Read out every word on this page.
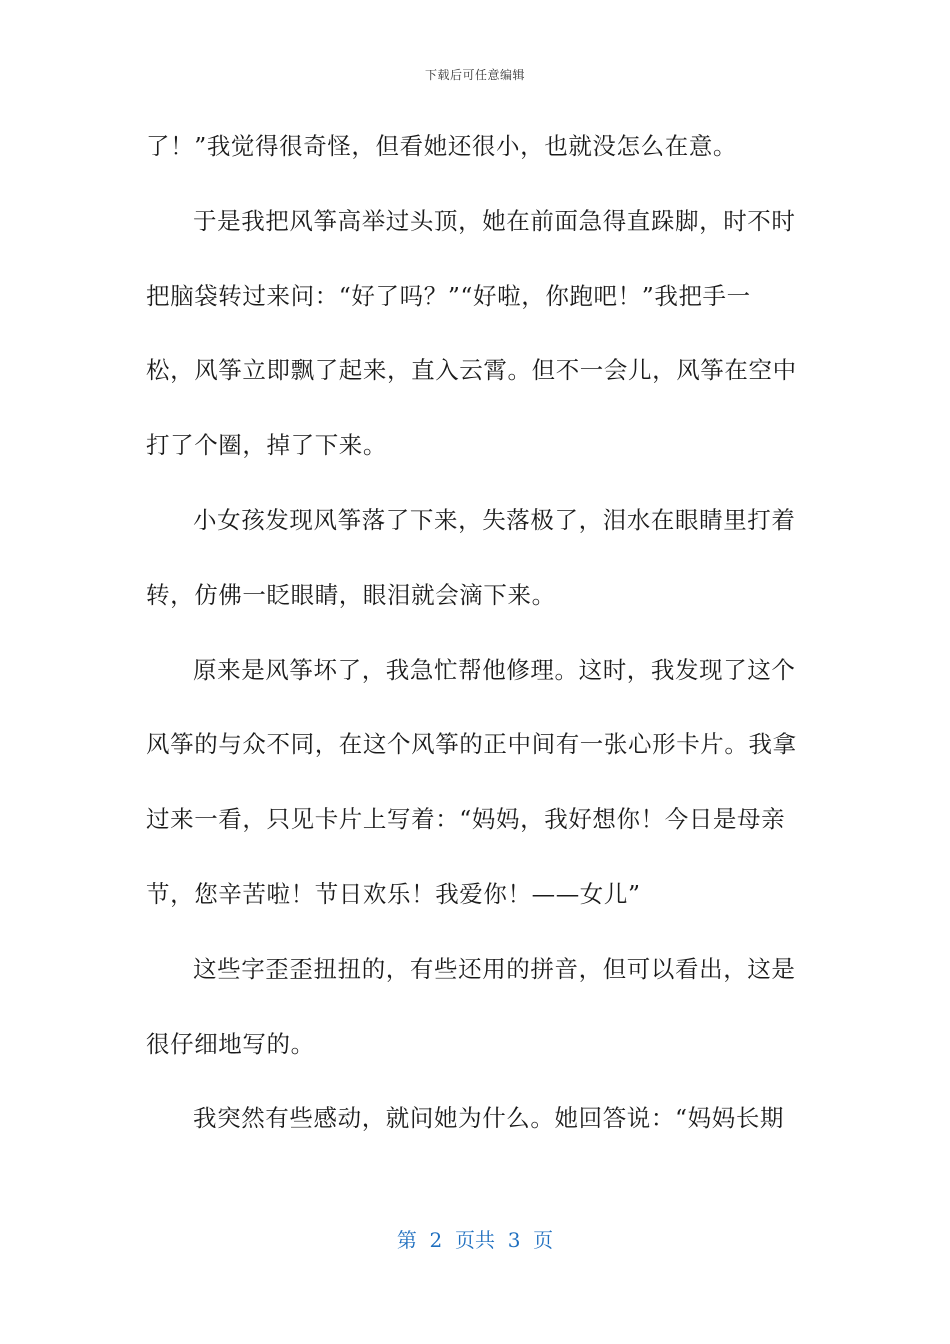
下载后可任意编辑
了！”我觉得很奇怪，但看她还很小，也就没怎么在意。
于是我把风筝高举过头顶，她在前面急得直跺脚，时不时
把脑袋转过来问：“好了吗？”“好啦，你跑吧！”我把手一
松，风筝立即飘了起来，直入云霄。但不一会儿，风筝在空中
打了个圈，掉了下来。
小女孩发现风筝落了下来，失落极了，泪水在眼睛里打着
转，仿佛一眨眼睛，眼泪就会滴下来。
原来是风筝坏了，我急忙帮他修理。这时，我发现了这个
风筝的与众不同，在这个风筝的正中间有一张心形卡片。我拿
过来一看，只见卡片上写着：“妈妈，我好想你！今日是母亲
节，您辛苦啦！节日欢乐！我爱你！——女儿”
这些字歪歪扭扭的，有些还用的拼音，但可以看出，这是
很仔细地写的。
我突然有些感动，就问她为什么。她回答说：“妈妈长期
第  2  页共  3  页
